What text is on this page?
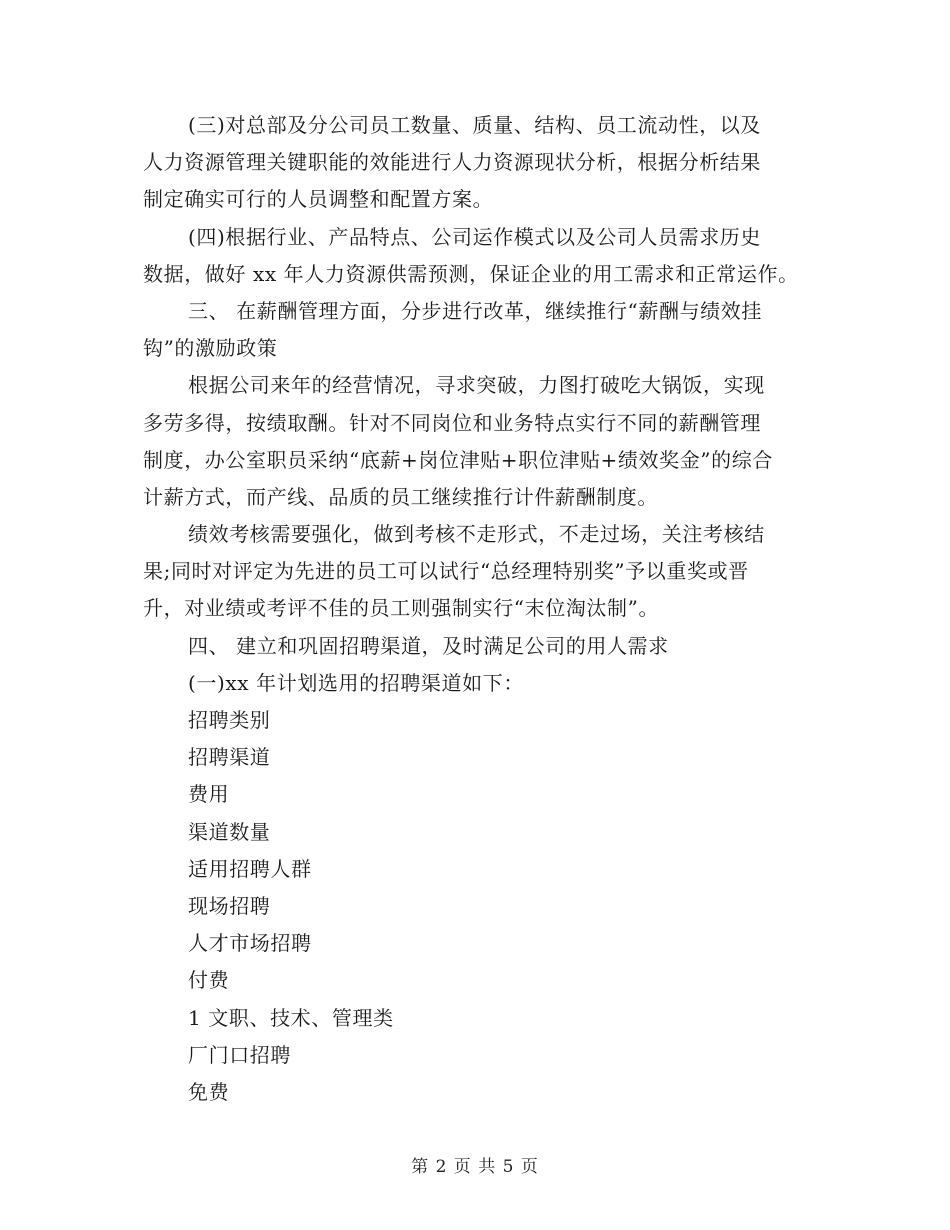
(三)对总部及分公司员工数量、质量、结构、员工流动性，以及
人力资源管理关键职能的效能进行人力资源现状分析，根据分析结果
制定确实可行的人员调整和配置方案。
(四)根据行业、产品特点、公司运作模式以及公司人员需求历史
数据，做好 xx 年人力资源供需预测，保证企业的用工需求和正常运作。
三、 在薪酬管理方面，分步进行改革，继续推行“薪酬与绩效挂
钩”的激励政策
根据公司来年的经营情况，寻求突破，力图打破吃大锅饭，实现
多劳多得，按绩取酬。针对不同岗位和业务特点实行不同的薪酬管理
制度，办公室职员采纳“底薪+岗位津贴+职位津贴+绩效奖金”的综合
计薪方式，而产线、品质的员工继续推行计件薪酬制度。
绩效考核需要强化，做到考核不走形式，不走过场，关注考核结
果;同时对评定为先进的员工可以试行“总经理特别奖”予以重奖或晋
升，对业绩或考评不佳的员工则强制实行“末位淘汰制”。
四、 建立和巩固招聘渠道，及时满足公司的用人需求
(一)xx 年计划选用的招聘渠道如下：
招聘类别
招聘渠道
费用
渠道数量
适用招聘人群
现场招聘
人才市场招聘
付费
1 文职、技术、管理类
厂门口招聘
免费
第 2 页 共 5 页
